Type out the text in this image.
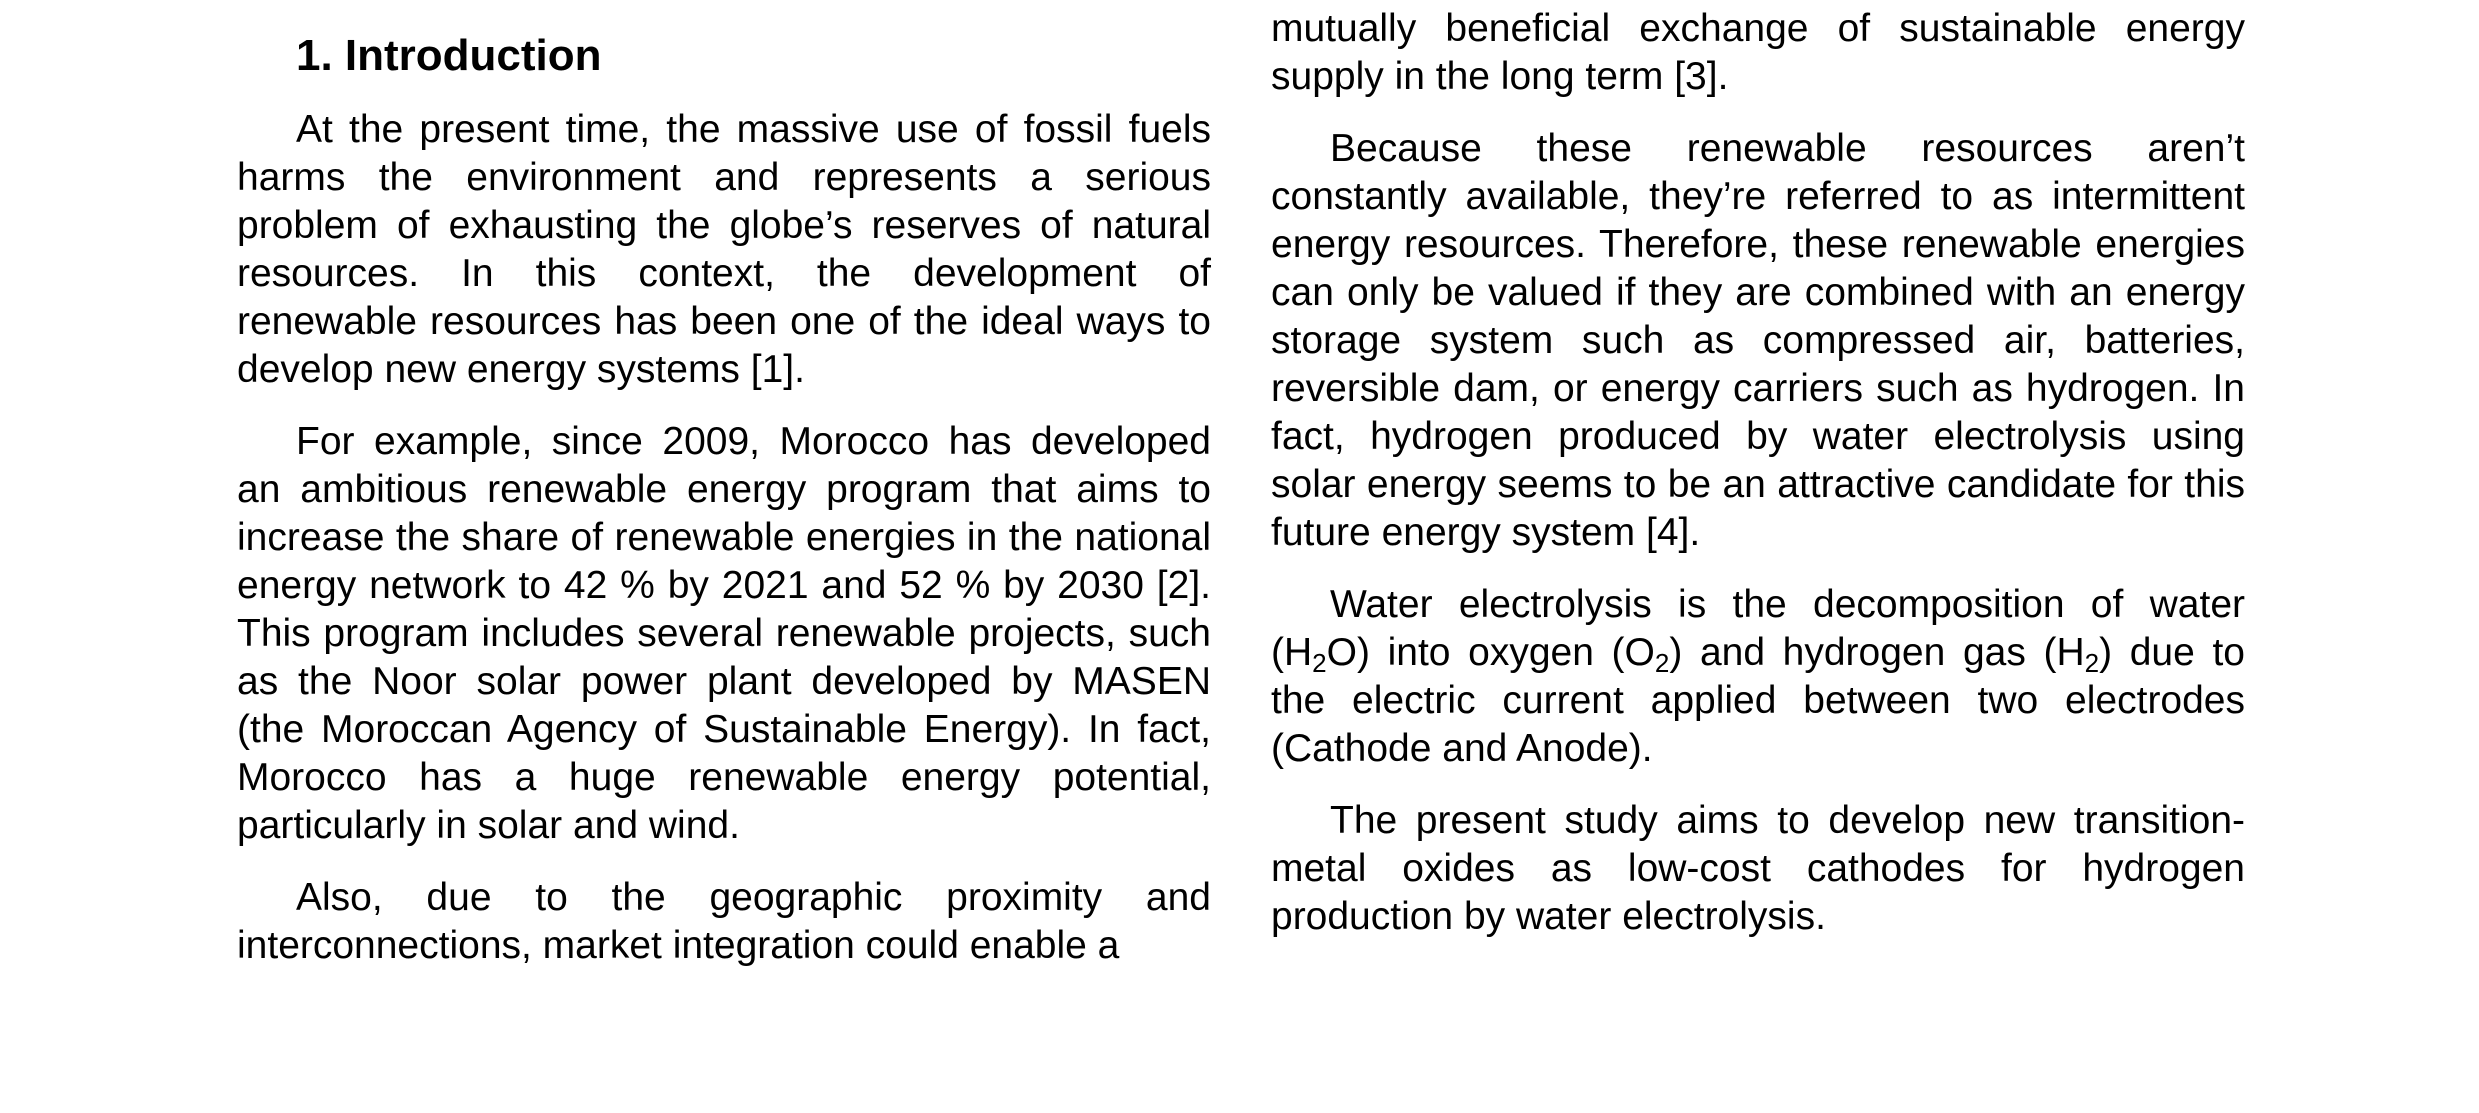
1. Introduction

At the present time, the massive use of fossil fuels harms the environment and represents a serious problem of exhausting the globe’s reserves of natural resources. In this context, the development of renewable resources has been one of the ideal ways to develop new energy systems [1].

For example, since 2009, Morocco has developed an ambitious renewable energy program that aims to increase the share of renewable energies in the national energy network to 42 % by 2021 and 52 % by 2030 [2]. This program includes several renewable projects, such as the Noor solar power plant developed by MASEN (the Moroccan Agency of Sustainable Energy). In fact, Morocco has a huge renewable energy potential, particularly in solar and wind.

Also, due to the geographic proximity and interconnections, market integration could enable a

mutually beneficial exchange of sustainable energy supply in the long term [3].

Because these renewable resources aren’t constantly available, they’re referred to as intermittent energy resources. Therefore, these renewable energies can only be valued if they are combined with an energy storage system such as compressed air, batteries, reversible dam, or energy carriers such as hydrogen. In fact, hydrogen produced by water electrolysis using solar energy seems to be an attractive candidate for this future energy system [4].

Water electrolysis is the decomposition of water $(H_2O)$ into oxygen $(O_2)$ and hydrogen gas $(H_2)$ due to the electric current applied between two electrodes (Cathode and Anode).

The present study aims to develop new transition-metal oxides as low-cost cathodes for hydrogen production by water electrolysis.
